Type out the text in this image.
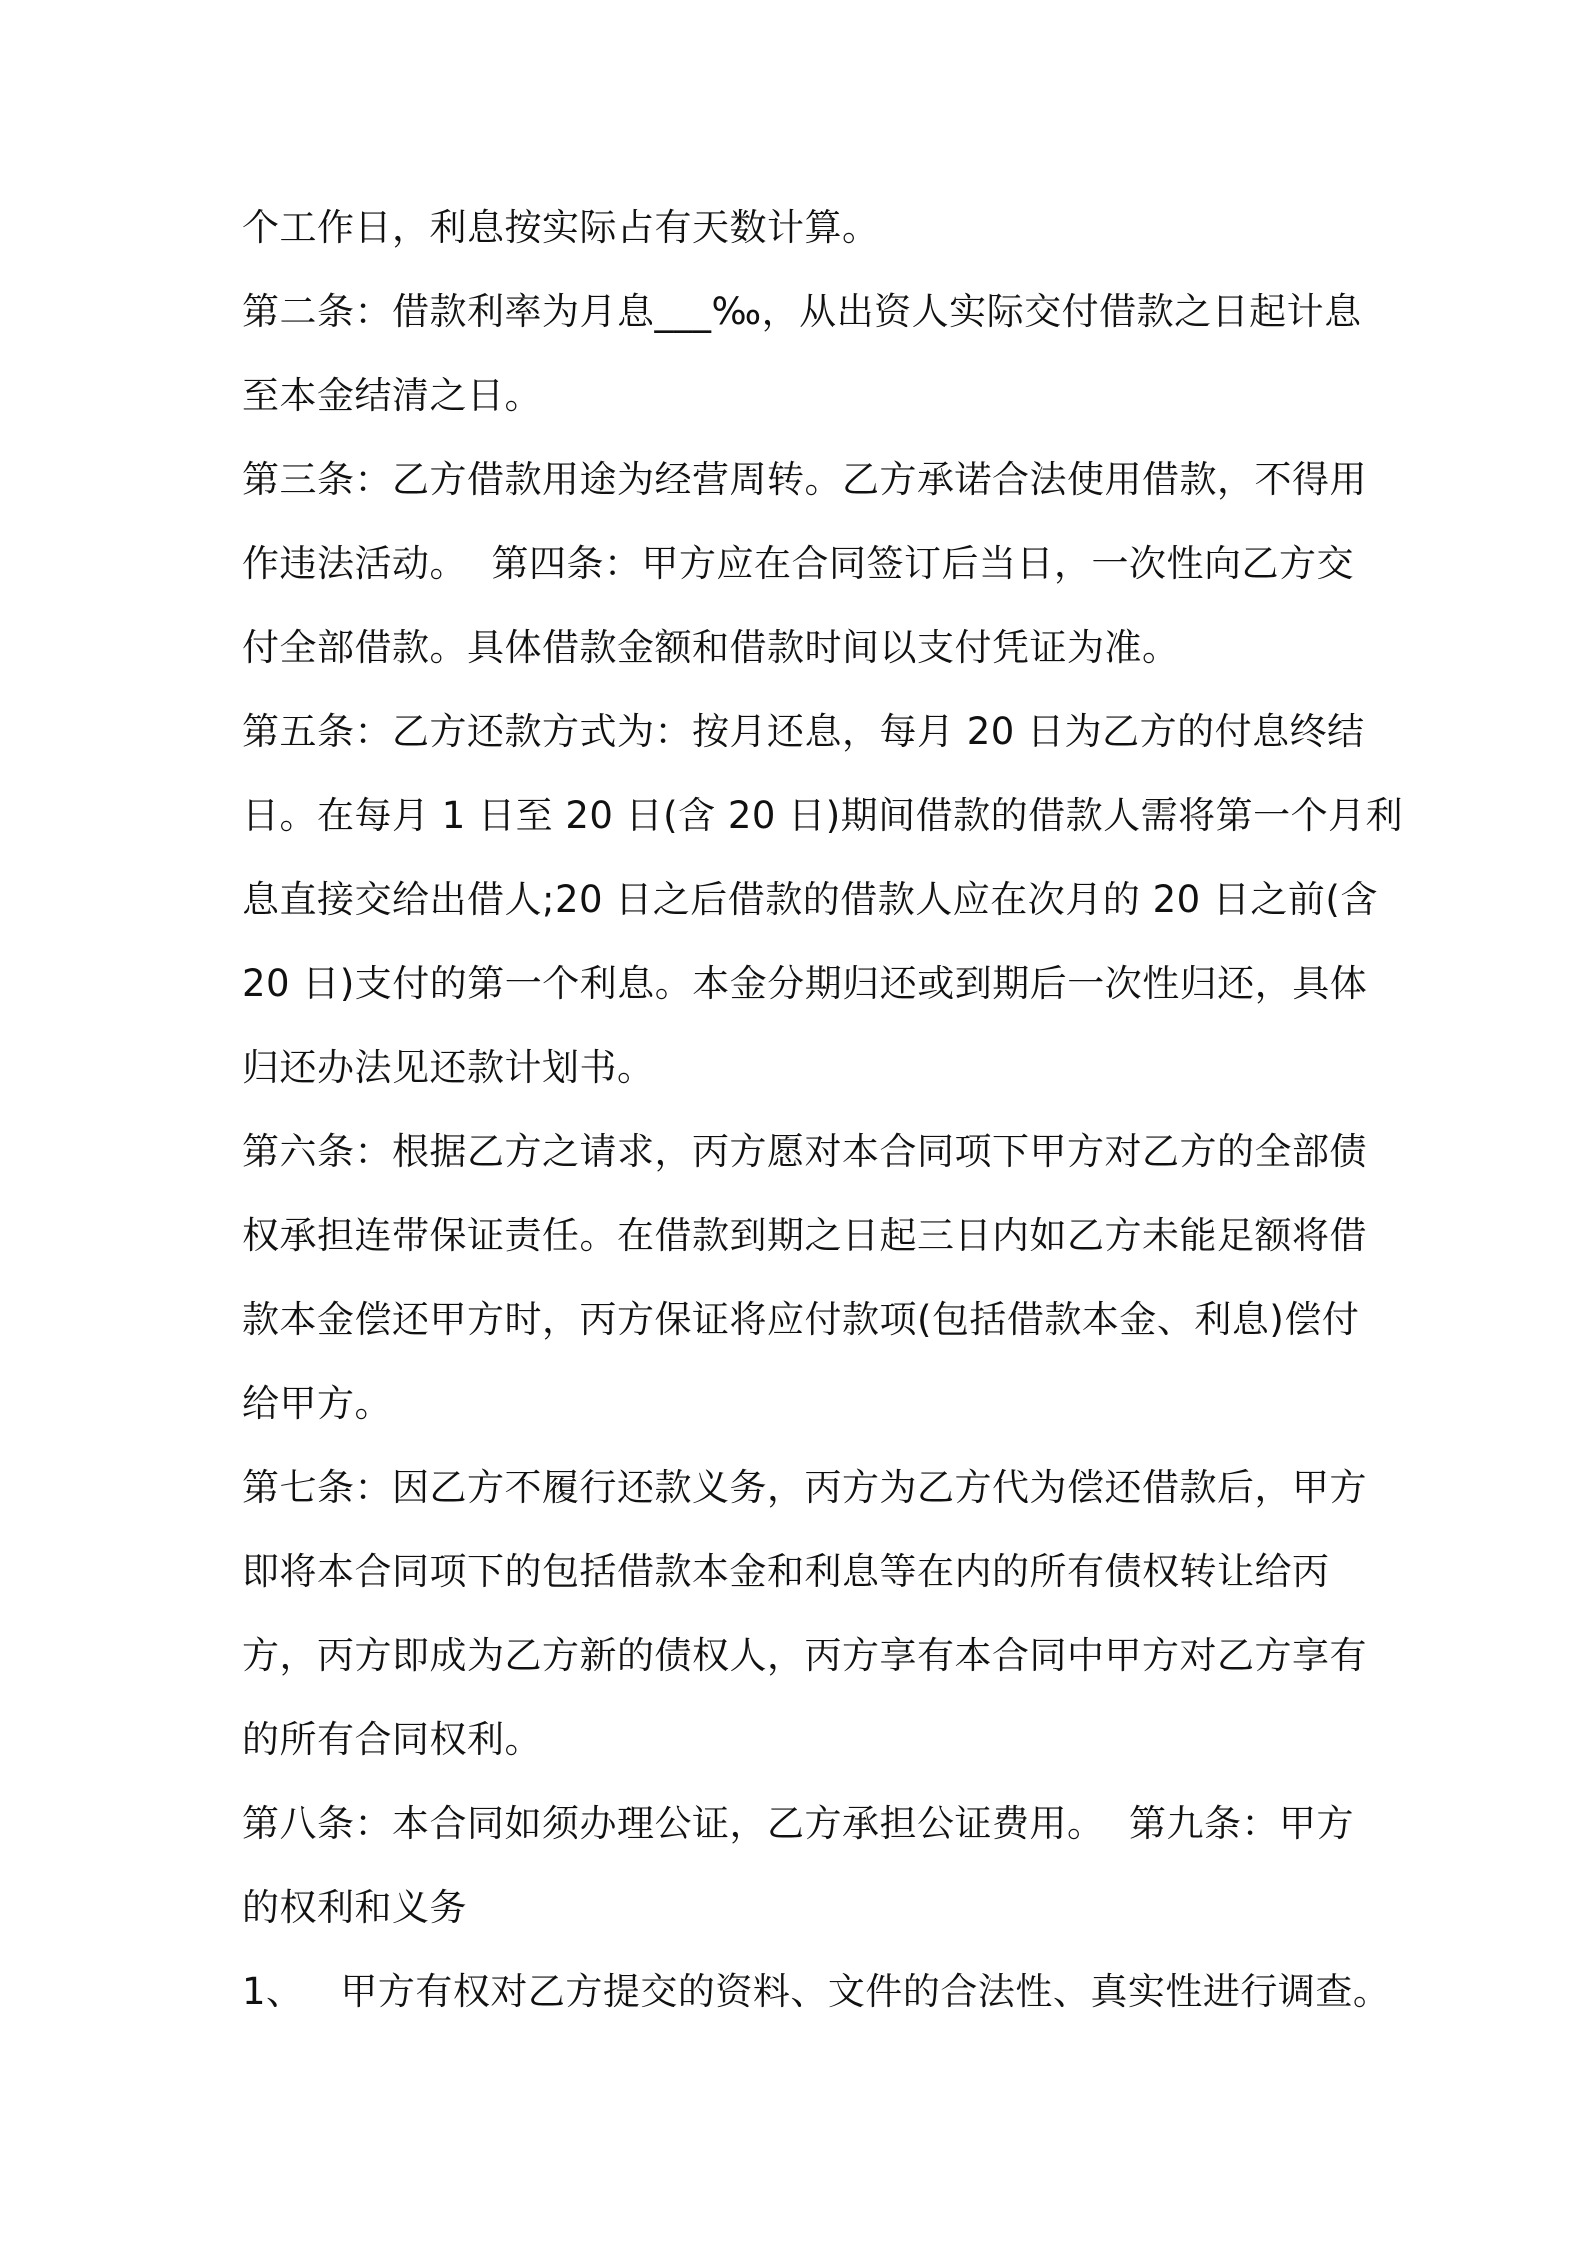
个工作日，利息按实际占有天数计算。
第二条：借款利率为月息___‰，从出资人实际交付借款之日起计息
至本金结清之日。
第三条：乙方借款用途为经营周转。乙方承诺合法使用借款，不得用
作违法活动。  第四条：甲方应在合同签订后当日，一次性向乙方交
付全部借款。具体借款金额和借款时间以支付凭证为准。
第五条：乙方还款方式为：按月还息，每月 20 日为乙方的付息终结
日。在每月 1 日至 20 日(含 20 日)期间借款的借款人需将第一个月利
息直接交给出借人;20 日之后借款的借款人应在次月的 20 日之前(含
20 日)支付的第一个利息。本金分期归还或到期后一次性归还，具体
归还办法见还款计划书。
第六条：根据乙方之请求，丙方愿对本合同项下甲方对乙方的全部债
权承担连带保证责任。在借款到期之日起三日内如乙方未能足额将借
款本金偿还甲方时，丙方保证将应付款项(包括借款本金、利息)偿付
给甲方。
第七条：因乙方不履行还款义务，丙方为乙方代为偿还借款后，甲方
即将本合同项下的包括借款本金和利息等在内的所有债权转让给丙
方，丙方即成为乙方新的债权人，丙方享有本合同中甲方对乙方享有
的所有合同权利。
第八条：本合同如须办理公证，乙方承担公证费用。  第九条：甲方
的权利和义务
1、   甲方有权对乙方提交的资料、文件的合法性、真实性进行调查。
